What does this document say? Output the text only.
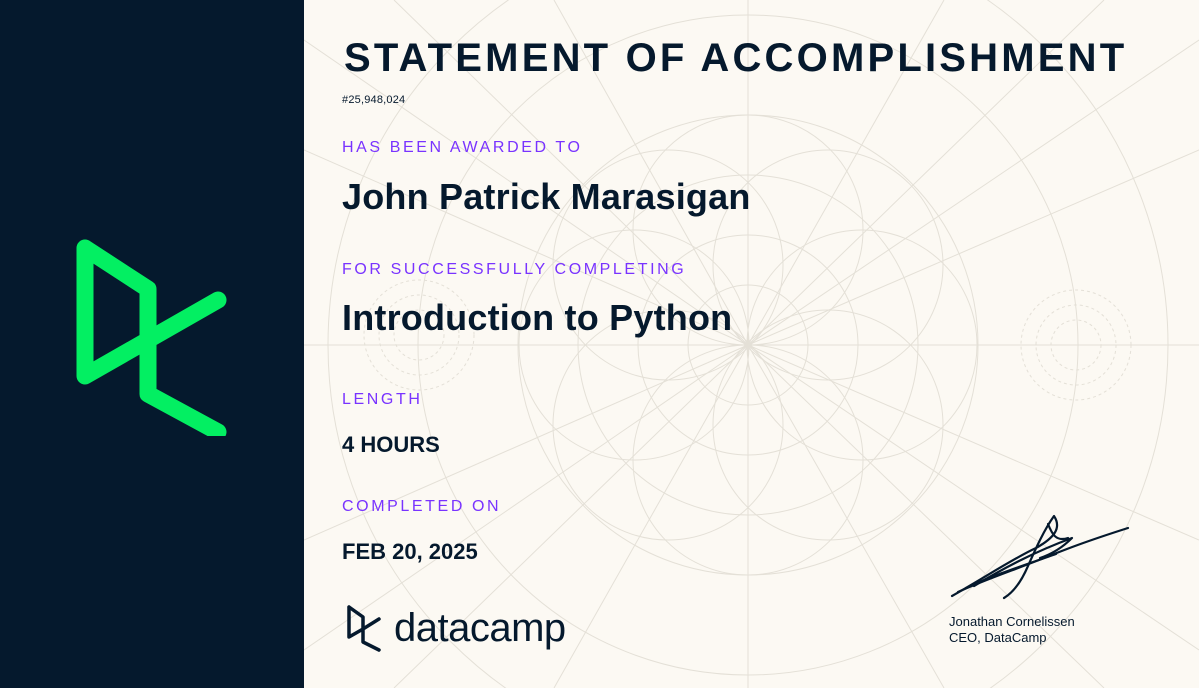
STATEMENT OF ACCOMPLISHMENT
#25,948,024
HAS BEEN AWARDED TO
John Patrick Marasigan
FOR SUCCESSFULLY COMPLETING
Introduction to Python
LENGTH
4 HOURS
COMPLETED ON
FEB 20, 2025
datacamp	Jonathan Cornelissen
CEO, DataCamp
